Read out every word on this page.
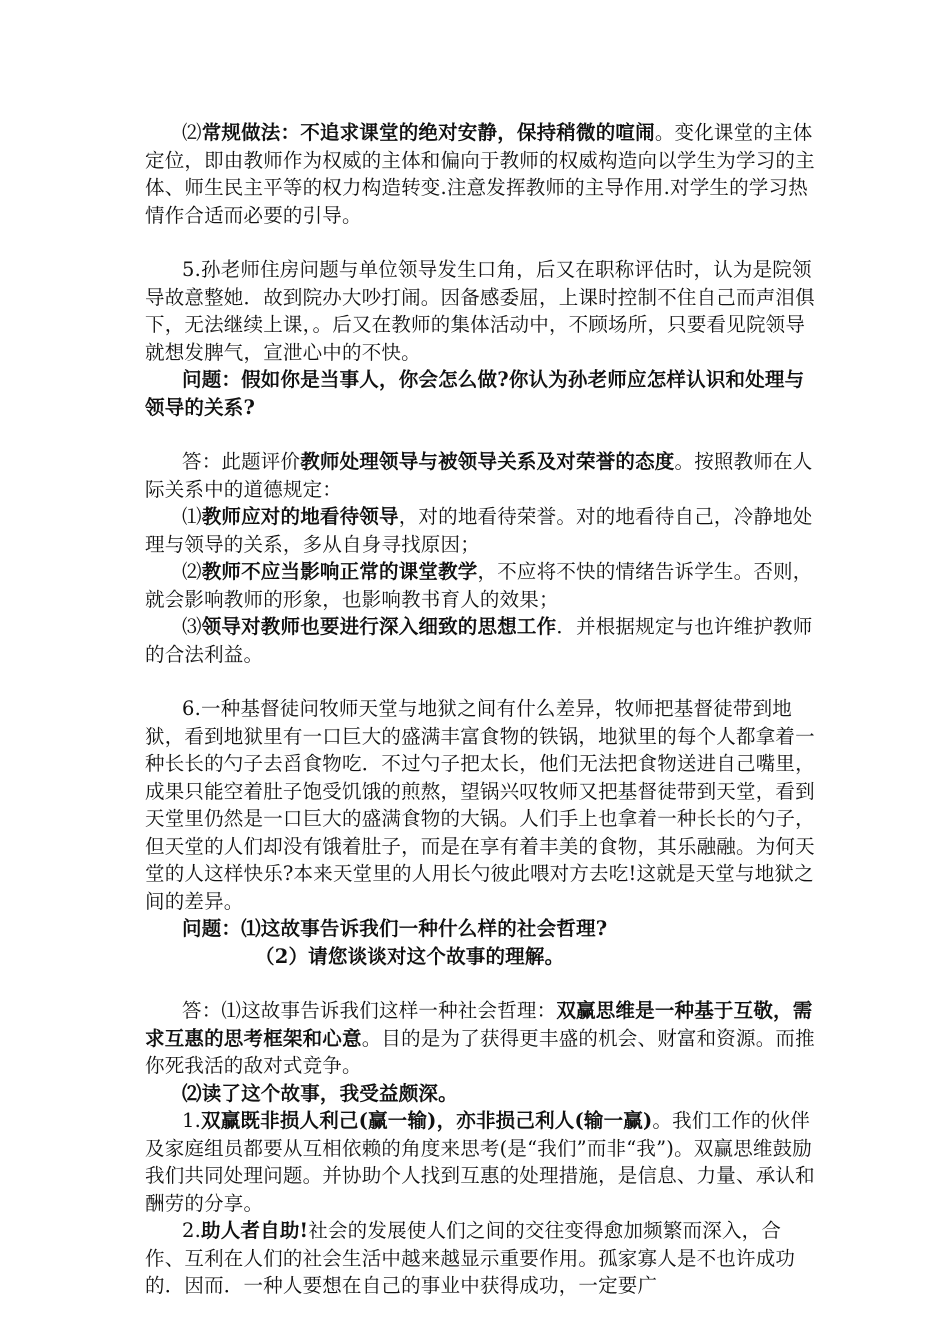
⑵常规做法：不追求课堂的绝对安静，保持稍微的喧闹。变化课堂的主体定位，即由教师作为权威的主体和偏向于教师的权威构造向以学生为学习的主体、师生民主平等的权力构造转变.注意发挥教师的主导作用.对学生的学习热情作合适而必要的引导。

5.孙老师住房问题与单位领导发生口角，后又在职称评估时，认为是院领导故意整她．故到院办大吵打闹。因备感委屈，上课时控制不住自己而声泪俱下，无法继续上课，。后又在教师的集体活动中，不顾场所，只要看见院领导就想发脾气，宣泄心中的不快。

问题：假如你是当事人，你会怎么做?你认为孙老师应怎样认识和处理与领导的关系?

答：此题评价教师处理领导与被领导关系及对荣誉的态度。按照教师在人际关系中的道德规定：

⑴教师应对的地看待领导，对的地看待荣誉。对的地看待自己，冷静地处理与领导的关系，多从自身寻找原因；

⑵教师不应当影响正常的课堂教学，不应将不快的情绪告诉学生。否则，就会影响教师的形象，也影响教书育人的效果；

⑶领导对教师也要进行深入细致的思想工作．并根据规定与也许维护教师的合法利益。

6.一种基督徒问牧师天堂与地狱之间有什么差异，牧师把基督徒带到地狱，看到地狱里有一口巨大的盛满丰富食物的铁锅，地狱里的每个人都拿着一种长长的勺子去舀食物吃．不过勺子把太长，他们无法把食物送进自己嘴里，成果只能空着肚子饱受饥饿的煎熬，望锅兴叹牧师又把基督徒带到天堂，看到天堂里仍然是一口巨大的盛满食物的大锅。人们手上也拿着一种长长的勺子，但天堂的人们却没有饿着肚子，而是在享有着丰美的食物，其乐融融。为何天堂的人这样快乐?本来天堂里的人用长勺彼此喂对方去吃!这就是天堂与地狱之间的差异。

问题：⑴这故事告诉我们一种什么样的社会哲理?

（2）请您谈谈对这个故事的理解。

答：⑴这故事告诉我们这样一种社会哲理：双赢思维是一种基于互敬，需求互惠的思考框架和心意。目的是为了获得更丰盛的机会、财富和资源。而推你死我活的敌对式竞争。

⑵读了这个故事，我受益颇深。

1.双赢既非损人利己(赢一输)，亦非损己利人(输一赢)。我们工作的伙伴及家庭组员都要从互相依赖的角度来思考(是“我们”而非“我”)。双赢思维鼓励我们共同处理问题。并协助个人找到互惠的处理措施，是信息、力量、承认和酬劳的分享。

2.助人者自助!社会的发展使人们之间的交往变得愈加频繁而深入，合作、互利在人们的社会生活中越来越显示重要作用。孤家寡人是不也许成功的．因而．一种人要想在自己的事业中获得成功，一定要广
